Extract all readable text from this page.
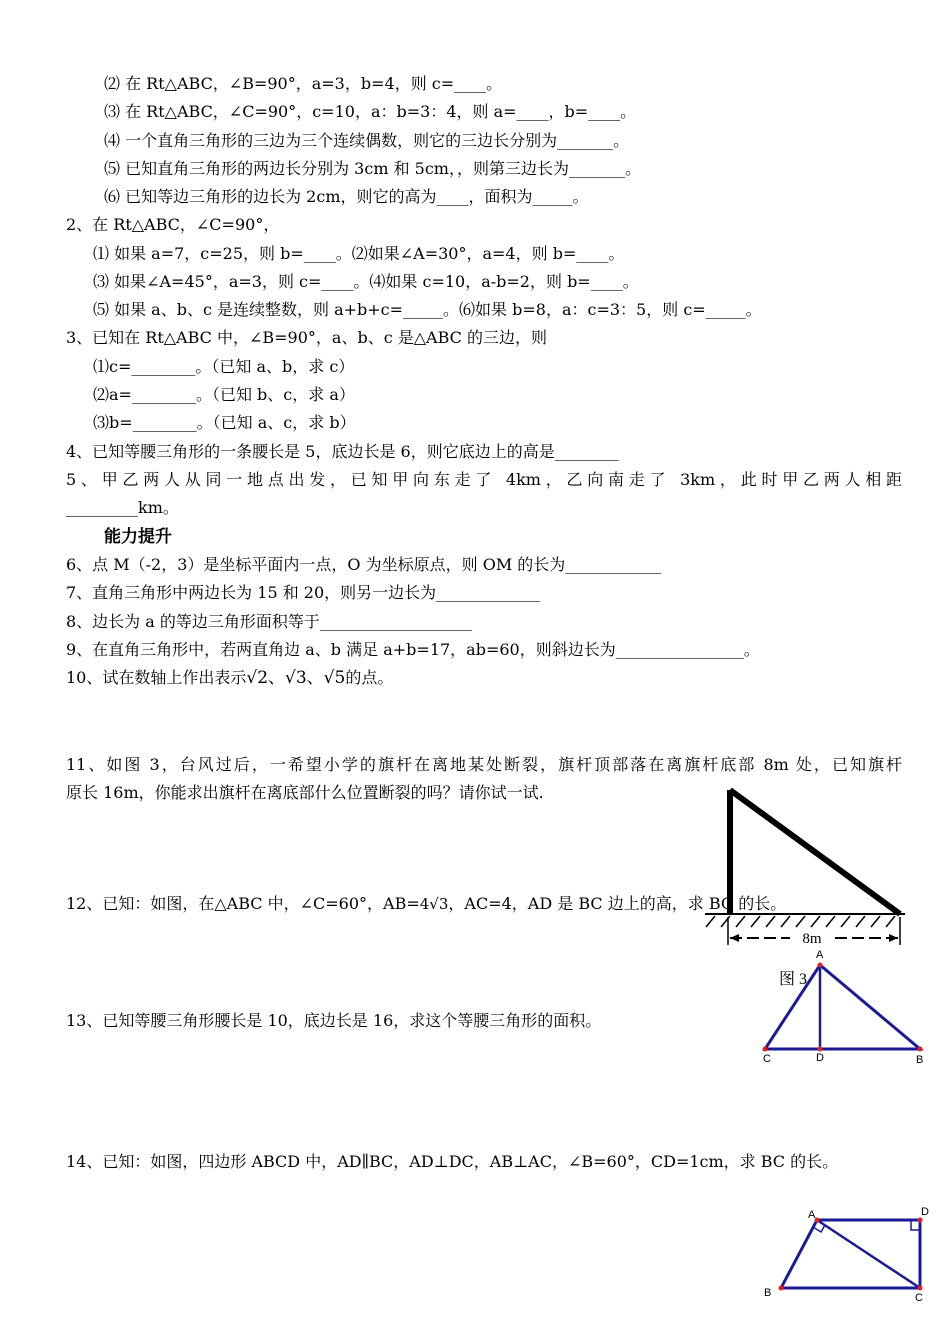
⑵ 在 Rt△ABC，∠B=90°，a=3，b=4，则 c=____。
⑶ 在 Rt△ABC，∠C=90°，c=10，a：b=3：4，则 a=____，b=____。
⑷ 一个直角三角形的三边为三个连续偶数，则它的三边长分别为_______。
⑸ 已知直角三角形的两边长分别为 3cm 和 5cm，，则第三边长为_______。
⑹ 已知等边三角形的边长为 2cm，则它的高为____，面积为_____。
2、在 Rt△ABC，∠C=90°，
⑴ 如果 a=7，c=25，则 b=____。⑵如果∠A=30°，a=4，则 b=____。
⑶ 如果∠A=45°，a=3，则 c=____。⑷如果 c=10，a-b=2，则 b=____。
⑸ 如果 a、b、c 是连续整数，则 a+b+c=_____。⑹如果 b=8，a：c=3：5，则 c=_____。
3、已知在 Rt△ABC 中，∠B=90°，a、b、c 是△ABC 的三边，则
⑴c=________。（已知 a、b，求 c）
⑵a=________。（已知 b、c，求 a）
⑶b=________。（已知 a、c，求 b）
4、已知等腰三角形的一条腰长是 5，底边长是 6，则它底边上的高是________
5、甲乙两人从同一地点出发，已知甲向东走了 4km，乙向南走了 3km，此时甲乙两人相距
_________km。
能力提升
6、点 M（-2，3）是坐标平面内一点，O 为坐标原点，则 OM 的长为____________
7、直角三角形中两边长为 15 和 20，则另一边长为_____________
8、边长为 a 的等边三角形面积等于___________________
9、在直角三角形中，若两直角边 a、b 满足 a+b=17，ab=60，则斜边长为________________。
10、试在数轴上作出表示√2、√3、√5的点。
11、如图 3，台风过后，一希望小学的旗杆在离地某处断裂，旗杆顶部落在离旗杆底部 8m 处，已知旗杆
原长 16m，你能求出旗杆在离底部什么位置断裂的吗？请你试一试.
12、已知：如图，在△ABC 中，∠C=60°，AB=4√3，AC=4，AD 是 BC 边上的高，求 BC 的长。
13、已知等腰三角形腰长是 10，底边长是 16，求这个等腰三角形的面积。
14、已知：如图，四边形 ABCD 中，AD∥BC，AD⊥DC，AB⊥AC，∠B=60°，CD=1cm，求 BC 的长。
8m
图 3
A
C	D	B
A	D
C
B
